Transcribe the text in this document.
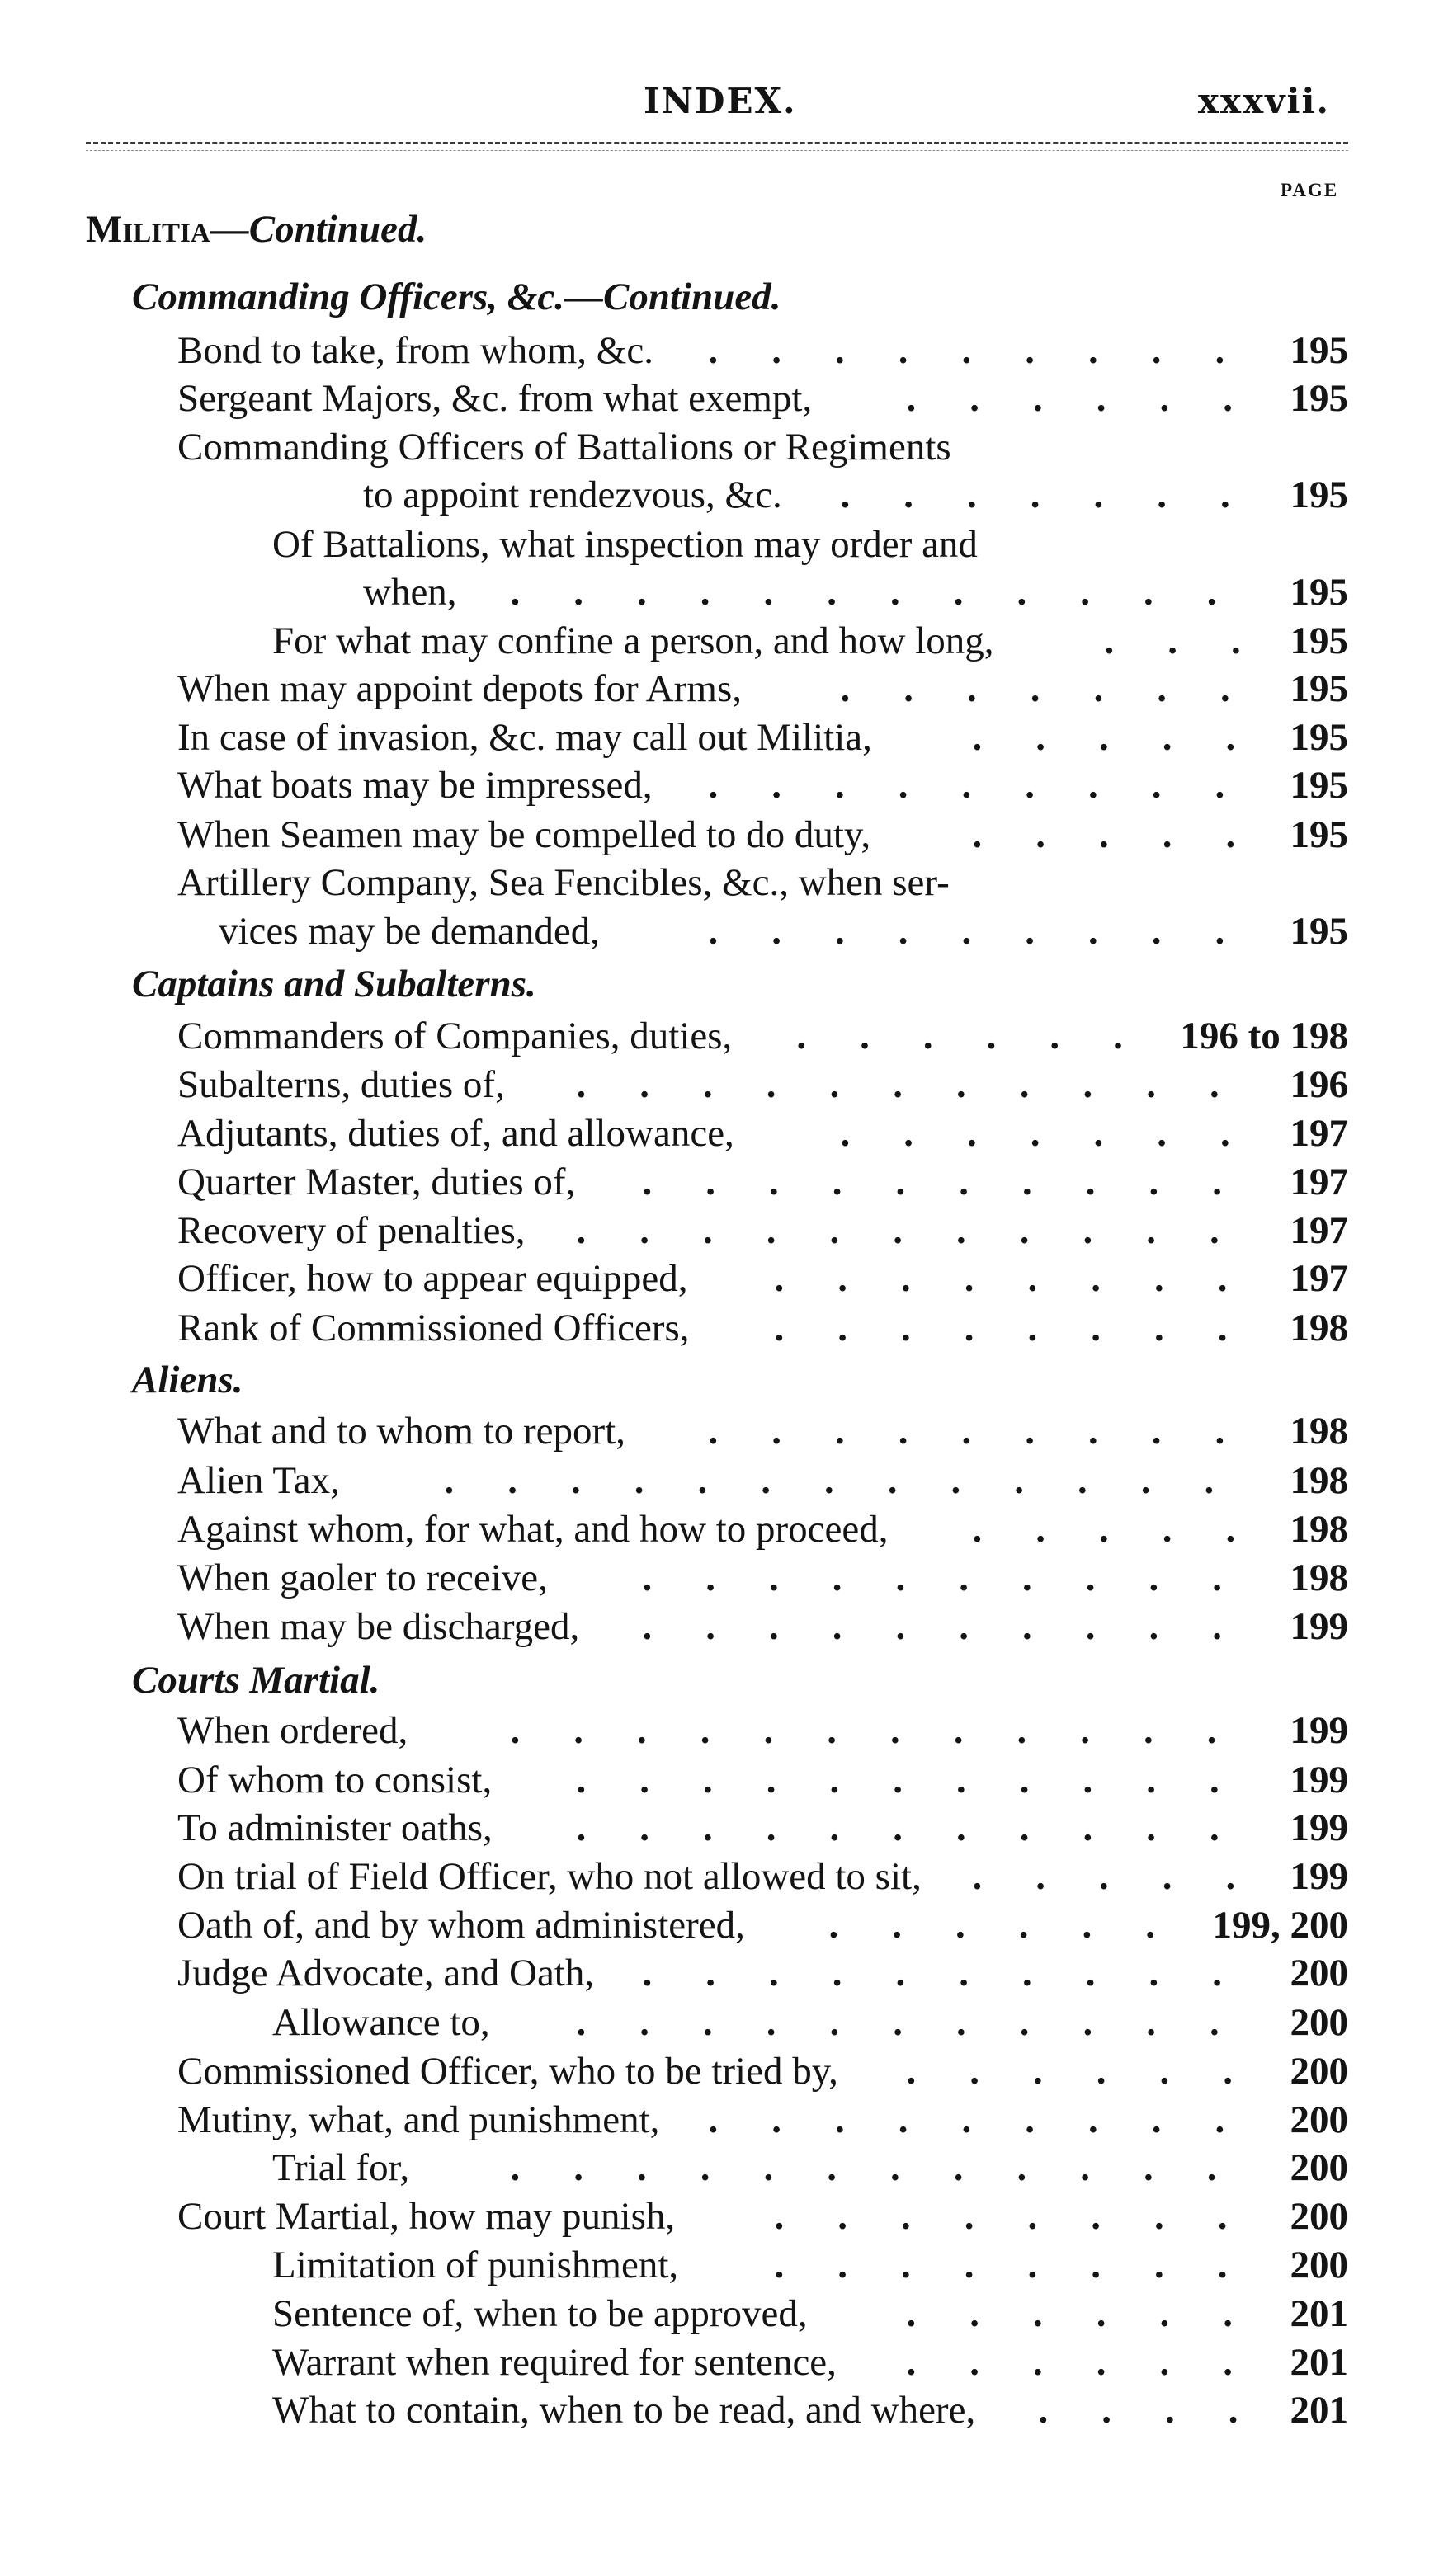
INDEX.	xxxvii.
PAGE
Militia—Continued.
Commanding Officers, &c.—Continued.
Bond to take, from whom, &c.	195
.........
Sergeant Majors, &c. from what exempt,	195
......
Commanding Officers of Battalions or Regiments
to appoint rendezvous, &c.	195
.......
Of Battalions, what inspection may order and
when,	195
............
For what may confine a person, and how long,	195
...
When may appoint depots for Arms,	195
.......
In case of invasion, &c. may call out Militia,	195
.....
What boats may be impressed,	195
.........
When Seamen may be compelled to do duty,	195
.....
Artillery Company, Sea Fencibles, &c., when ser-
vices may be demanded,	195
.........
Captains and Subalterns.
Commanders of Companies, duties,	196 to 198
......
Subalterns, duties of,	196
...........
Adjutants, duties of, and allowance,	197
.......
Quarter Master, duties of,	197
..........
Recovery of penalties,	197
...........
Officer, how to appear equipped,	197
........
Rank of Commissioned Officers,	198
........
Aliens.
What and to whom to report,	198
.........
Alien Tax,	198
.............
Against whom, for what, and how to proceed,	198
.....
When gaoler to receive,	198
..........
When may be discharged,	199
..........
Courts Martial.
When ordered,	199
............
Of whom to consist,	199
...........
To administer oaths,	199
...........
On trial of Field Officer, who not allowed to sit,	199
.....
Oath of, and by whom administered,	199, 200
......
Judge Advocate, and Oath,	200
..........
Allowance to,	200
...........
Commissioned Officer, who to be tried by,	200
......
Mutiny, what, and punishment,	200
.........
Trial for,	200
............
Court Martial, how may punish,	200
........
Limitation of punishment,	200
........
Sentence of, when to be approved,	201
......
Warrant when required for sentence,	201
......
What to contain, when to be read, and where,	201
....
